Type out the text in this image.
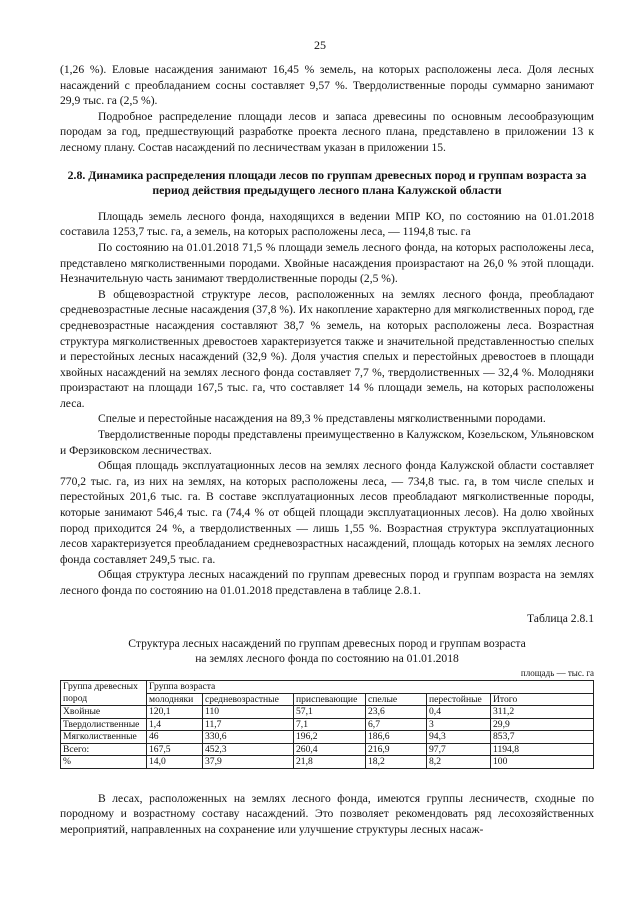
25

(1,26 %). Еловые насаждения занимают 16,45 % земель, на которых расположены леса. Доля лесных насаждений с преобладанием сосны составляет 9,57 %. Твердолиственные породы суммарно занимают 29,9 тыс. га (2,5 %).

Подробное распределение площади лесов и запаса древесины по основным лесообразующим породам за год, предшествующий разработке проекта лесного плана, представлено в приложении 13 к лесному плану. Состав насаждений по лесничествам указан в приложении 15.

2.8. Динамика распределения площади лесов по группам древесных пород и группам возраста за период действия предыдущего лесного плана Калужской области

Площадь земель лесного фонда, находящихся в ведении МПР КО, по состоянию на 01.01.2018 составила 1253,7 тыс. га, а земель, на которых расположены леса, — 1194,8 тыс. га

По состоянию на 01.01.2018 71,5 % площади земель лесного фонда, на которых расположены леса, представлено мягколиственными породами. Хвойные насаждения произрастают на 26,0 % этой площади. Незначительную часть занимают твердолиственные породы (2,5 %).

В общевозрастной структуре лесов, расположенных на землях лесного фонда, преобладают средневозрастные лесные насаждения (37,8 %). Их накопление характерно для мягколиственных пород, где средневозрастные насаждения составляют 38,7 % земель, на которых расположены леса. Возрастная структура мягколиственных древостоев характеризуется также и значительной представленностью спелых и перестойных лесных насаждений (32,9 %). Доля участия спелых и перестойных древостоев в площади хвойных насаждений на землях лесного фонда составляет 7,7 %, твердолиственных — 32,4 %. Молодняки произрастают на площади 167,5 тыс. га, что составляет 14 % площади земель, на которых расположены леса.

Спелые и перестойные насаждения на 89,3 % представлены мягколиственными породами.

Твердолиственные породы представлены преимущественно в Калужском, Козельском, Ульяновском и Ферзиковском лесничествах.

Общая площадь эксплуатационных лесов на землях лесного фонда Калужской области составляет 770,2 тыс. га, из них на землях, на которых расположены леса, — 734,8 тыс. га, в том числе спелых и перестойных 201,6 тыс. га. В составе эксплуатационных лесов преобладают мягколиственные породы, которые занимают 546,4 тыс. га (74,4 % от общей площади эксплуатационных лесов). На долю хвойных пород приходится 24 %, а твердолиственных — лишь 1,55 %. Возрастная структура эксплуатационных лесов характеризуется преобладанием средневозрастных насаждений, площадь которых на землях лесного фонда составляет 249,5 тыс. га.

Общая структура лесных насаждений по группам древесных пород и группам возраста на землях лесного фонда по состоянию на 01.01.2018 представлена в таблице 2.8.1.

Таблица 2.8.1
Структура лесных насаждений по группам древесных пород и группам возраста
на землях лесного фонда по состоянию на 01.01.2018
площадь — тыс. га
Группа древесных	Группа возраста					
пород	молодняки	средневозрастные	приспевающие	спелые	перестойные	Итого
Хвойные	120,1	110	57,1	23,6	0,4	311,2
Твердолиственные	1,4	11,7	7,1	6,7	3	29,9
Мягколиственные	46	330,6	196,2	186,6	94,3	853,7
Всего:	167,5	452,3	260,4	216,9	97,7	1194,8
%	14,0	37,9	21,8	18,2	8,2	100

В лесах, расположенных на землях лесного фонда, имеются группы лесничеств, сходные по породному и возрастному составу насаждений. Это позволяет рекомендовать ряд лесохозяйственных мероприятий, направленных на сохранение или улучшение структуры лесных насаж-
